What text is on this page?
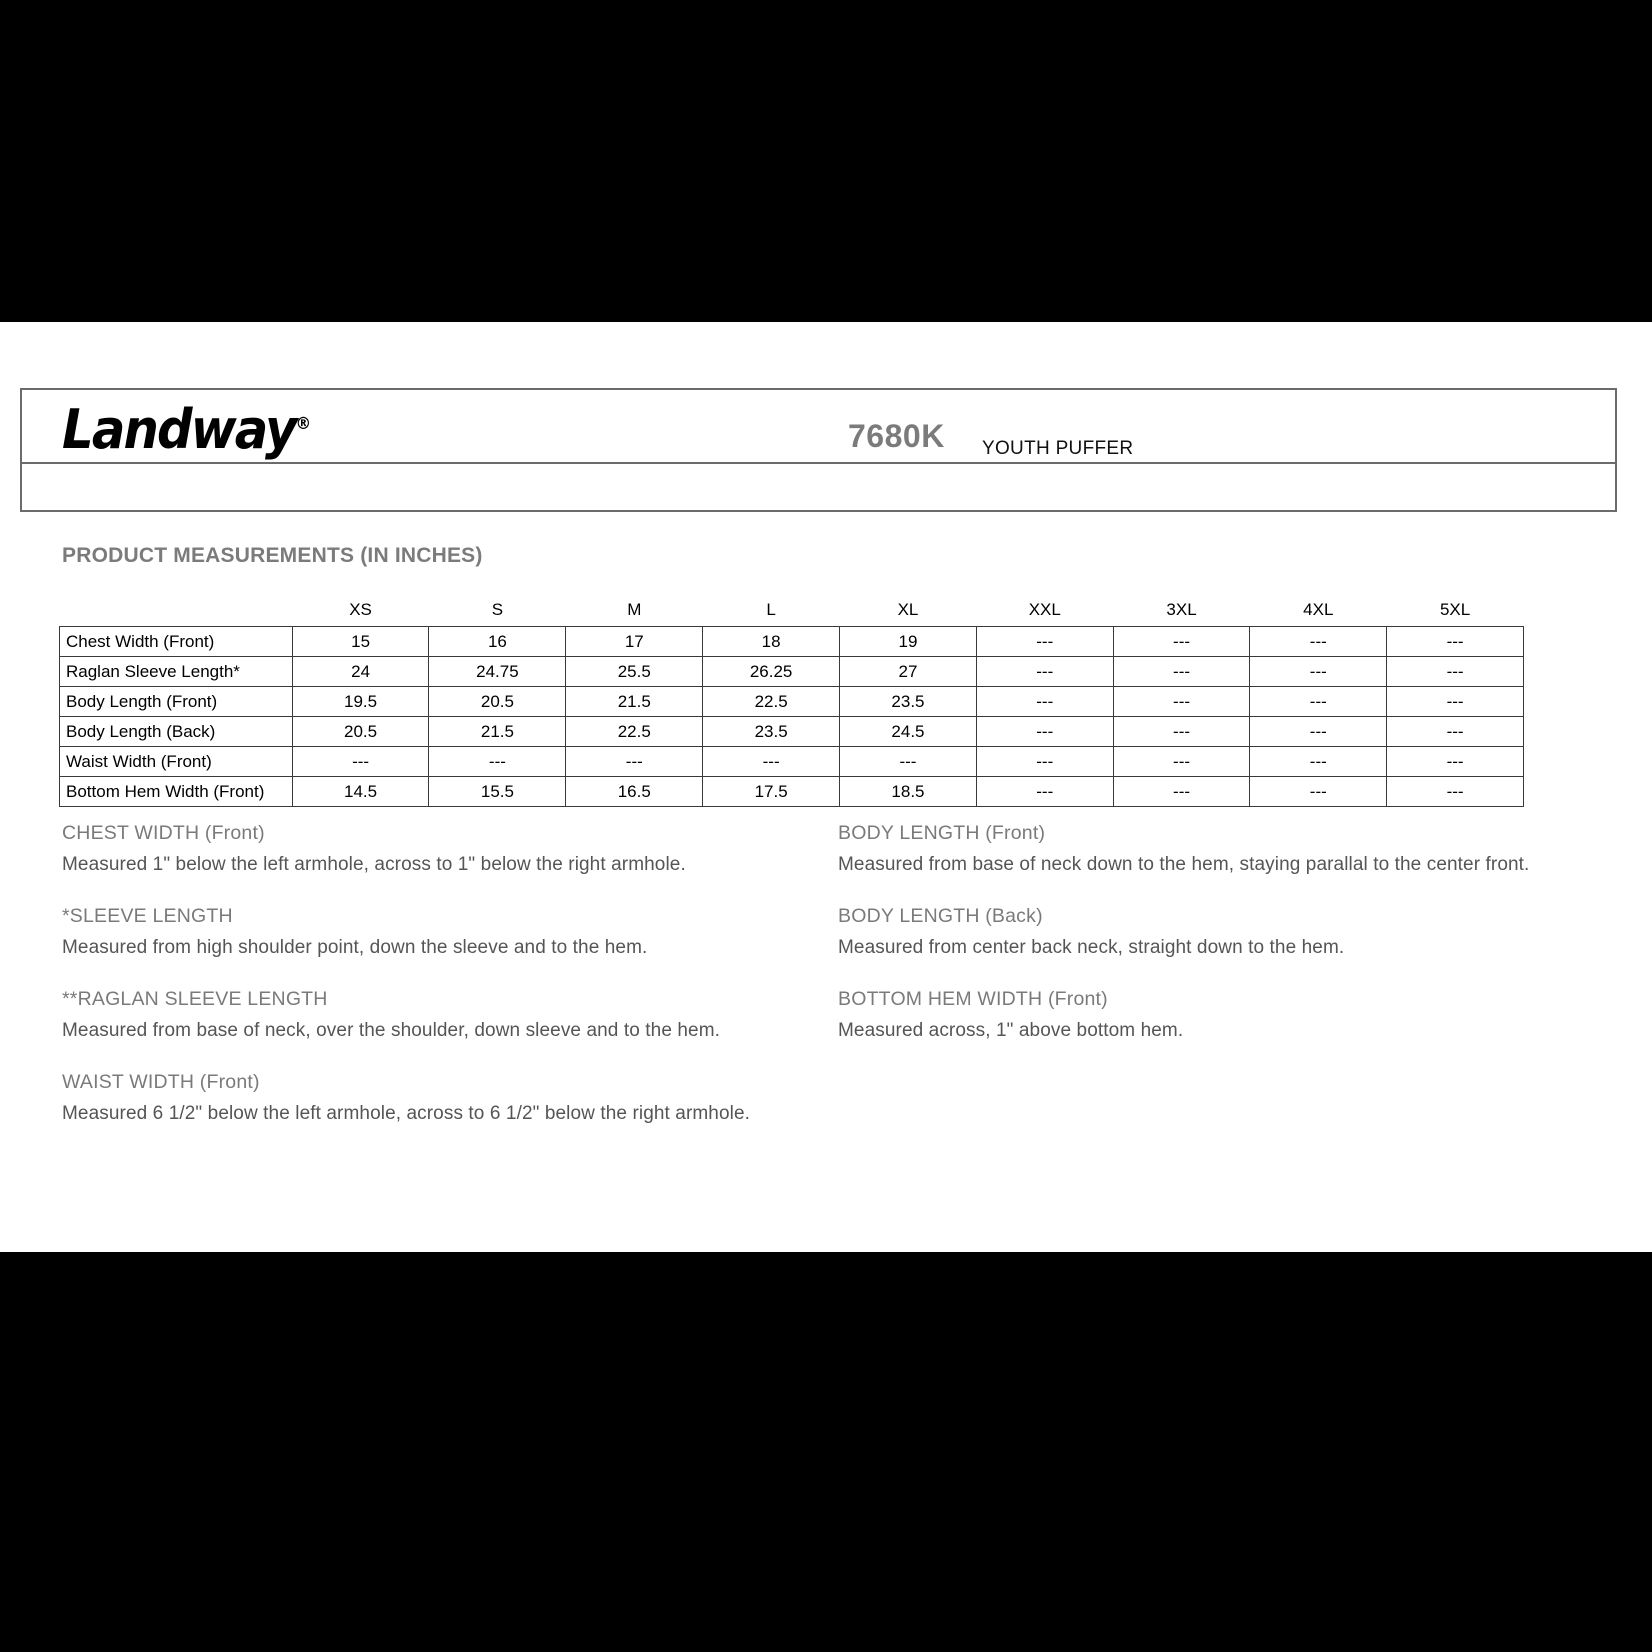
Landway®	7680K YOUTH PUFFER
PRODUCT MEASUREMENTS (IN INCHES)
	XS	S	M	L	XL	XXL	3XL	4XL	5XL
Chest Width (Front)	15	16	17	18	19	---	---	---	---
Raglan Sleeve Length*	24	24.75	25.5	26.25	27	---	---	---	---
Body Length (Front)	19.5	20.5	21.5	22.5	23.5	---	---	---	---
Body Length (Back)	20.5	21.5	22.5	23.5	24.5	---	---	---	---
Waist Width (Front)	---	---	---	---	---	---	---	---	---
Bottom Hem Width (Front)	14.5	15.5	16.5	17.5	18.5	---	---	---	---
CHEST WIDTH (Front)
Measured 1" below the left armhole, across to 1" below the right armhole.
*SLEEVE LENGTH
Measured from high shoulder point, down the sleeve and to the hem.
**RAGLAN SLEEVE LENGTH
Measured from base of neck, over the shoulder, down sleeve and to the hem.
WAIST WIDTH (Front)
Measured 6 1/2" below the left armhole, across to 6 1/2" below the right armhole.
BODY LENGTH (Front)
Measured from base of neck down to the hem, staying parallal to the center front.
BODY LENGTH (Back)
Measured from center back neck, straight down to the hem.
BOTTOM HEM WIDTH (Front)
Measured across, 1" above bottom hem.
